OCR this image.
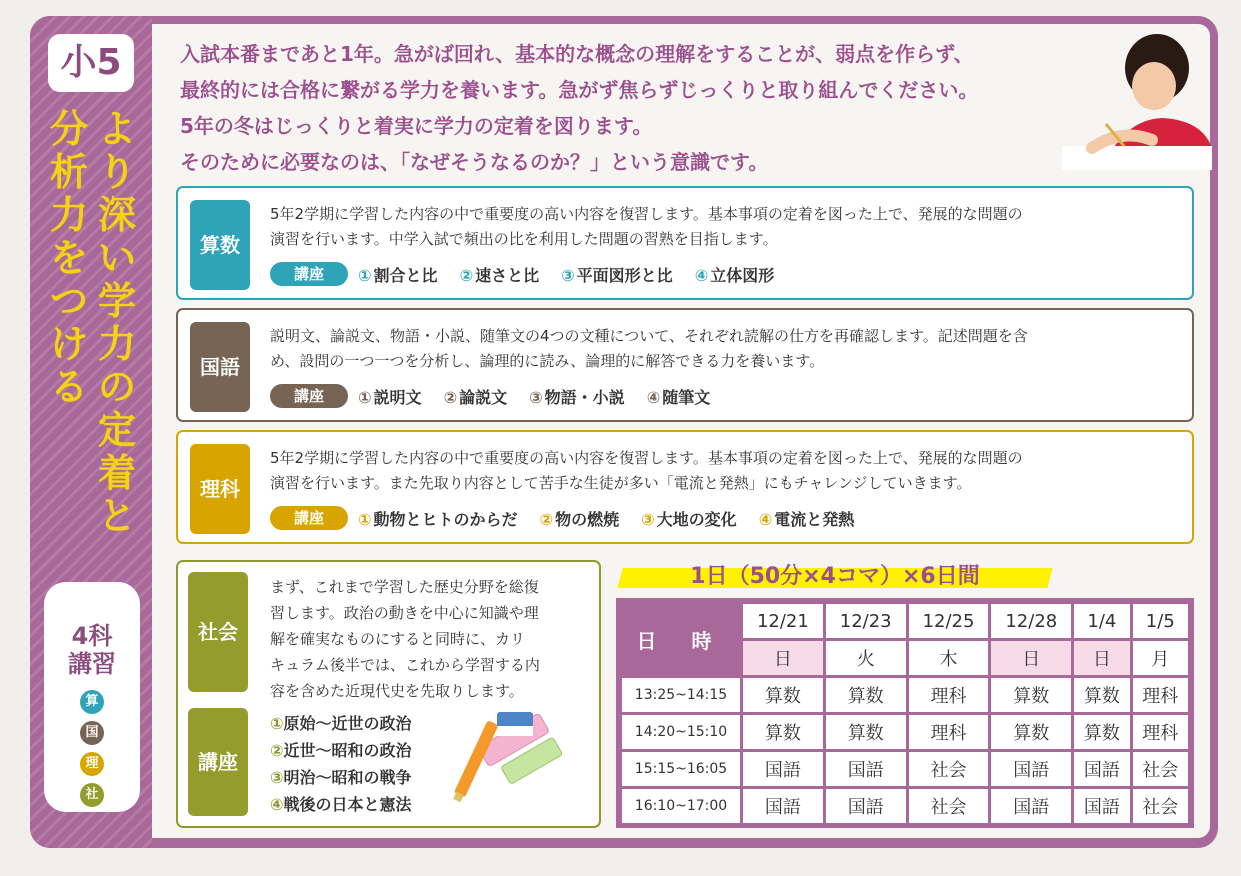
小5
より深い学力の定着と
分析力をつける
4科
講習
算
国
理
社
入試本番まであと1年。急がば回れ、基本的な概念の理解をすることが、弱点を作らず、
最終的には合格に繋がる学力を養います。急がず焦らずじっくりと取り組んでください。
5年の冬はじっくりと着実に学力の定着を図ります。
そのために必要なのは、「なぜそうなるのか？」という意識です。
算数
5年2学期に学習した内容の中で重要度の高い内容を復習します。基本事項の定着を図った上で、発展的な問題の
演習を行います。中学入試で頻出の比を利用した問題の習熟を目指します。
講座	① 割合と比 ② 速さと比 ③ 平面図形と比 ④ 立体図形
国語
説明文、論説文、物語・小説、随筆文の4つの文種について、それぞれ読解の仕方を再確認します。記述問題を含
め、設問の一つ一つを分析し、論理的に読み、論理的に解答できる力を養います。
講座	① 説明文 ② 論説文 ③ 物語・小説 ④ 随筆文
理科
5年2学期に学習した内容の中で重要度の高い内容を復習します。基本事項の定着を図った上で、発展的な問題の
演習を行います。また先取り内容として苦手な生徒が多い「電流と発熱」にもチャレンジしていきます。
講座	① 動物とヒトのからだ ② 物の燃焼 ③ 大地の変化 ④ 電流と発熱
社会
まず、これまで学習した歴史分野を総復
習します。政治の動きを中心に知識や理
解を確実なものにすると同時に、カリ
キュラム後半では、これから学習する内
容を含めた近現代史を先取りします。
講座
①原始～近世の政治
②近世～昭和の政治
③明治～昭和の戦争
④戦後の日本と憲法
1日（50分×4コマ）×6日間
日 時	12/21	12/23	12/25	12/28	1/4	1/5
	日	火	木	日	日	月
13:25~14:15	算数	算数	理科	算数	算数	理科
14:20~15:10	算数	算数	理科	算数	算数	理科
15:15~16:05	国語	国語	社会	国語	国語	社会
16:10~17:00	国語	国語	社会	国語	国語	社会
